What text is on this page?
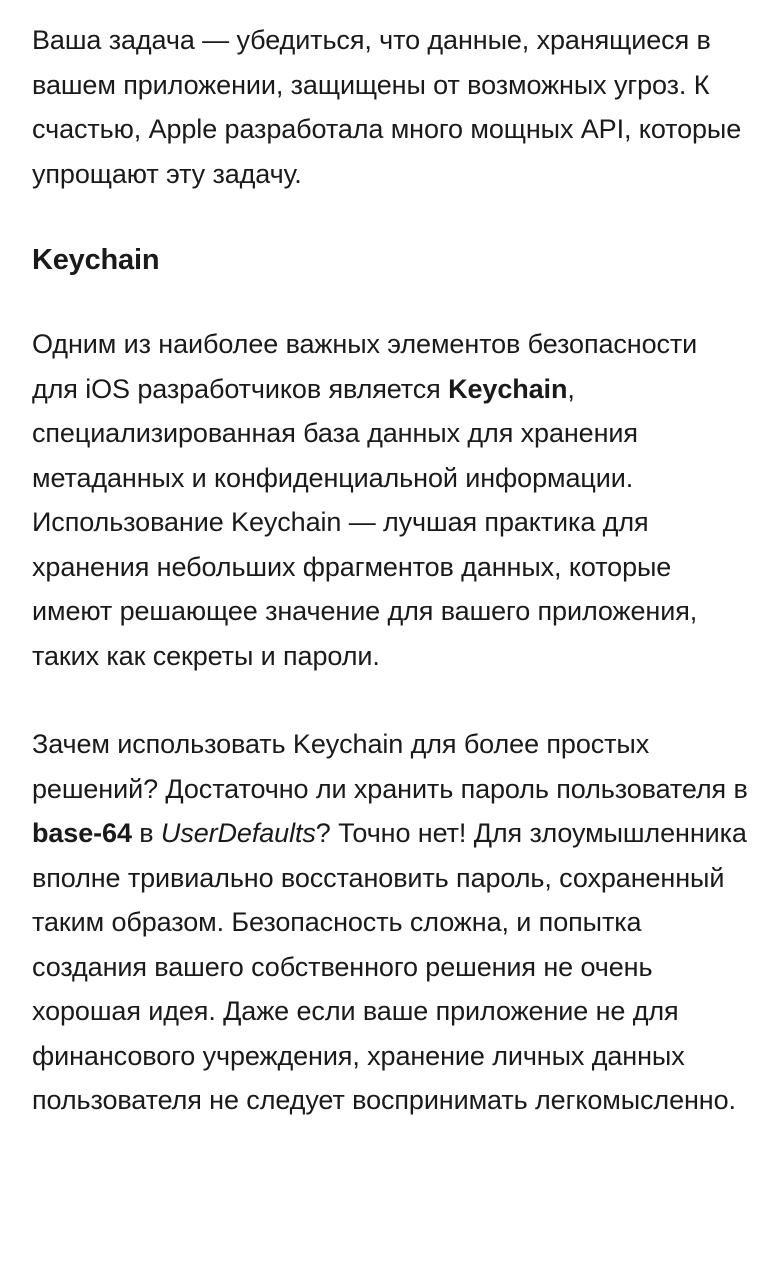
Ваша задача — убедиться, что данные, хранящиеся в вашем приложении, защищены от возможных угроз. К счастью, Apple разработала много мощных API, которые упрощают эту задачу.

Keychain

Одним из наиболее важных элементов безопасности для iOS разработчиков является Keychain, специализированная база данных для хранения метаданных и конфиденциальной информации. Использование Keychain — лучшая практика для хранения небольших фрагментов данных, которые имеют решающее значение для вашего приложения, таких как секреты и пароли.

Зачем использовать Keychain для более простых решений? Достаточно ли хранить пароль пользователя в base-64 в UserDefaults? Точно нет! Для злоумышленника вполне тривиально восстановить пароль, сохраненный таким образом. Безопасность сложна, и попытка создания вашего собственного решения не очень хорошая идея. Даже если ваше приложение не для финансового учреждения, хранение личных данных пользователя не следует воспринимать легкомысленно.
